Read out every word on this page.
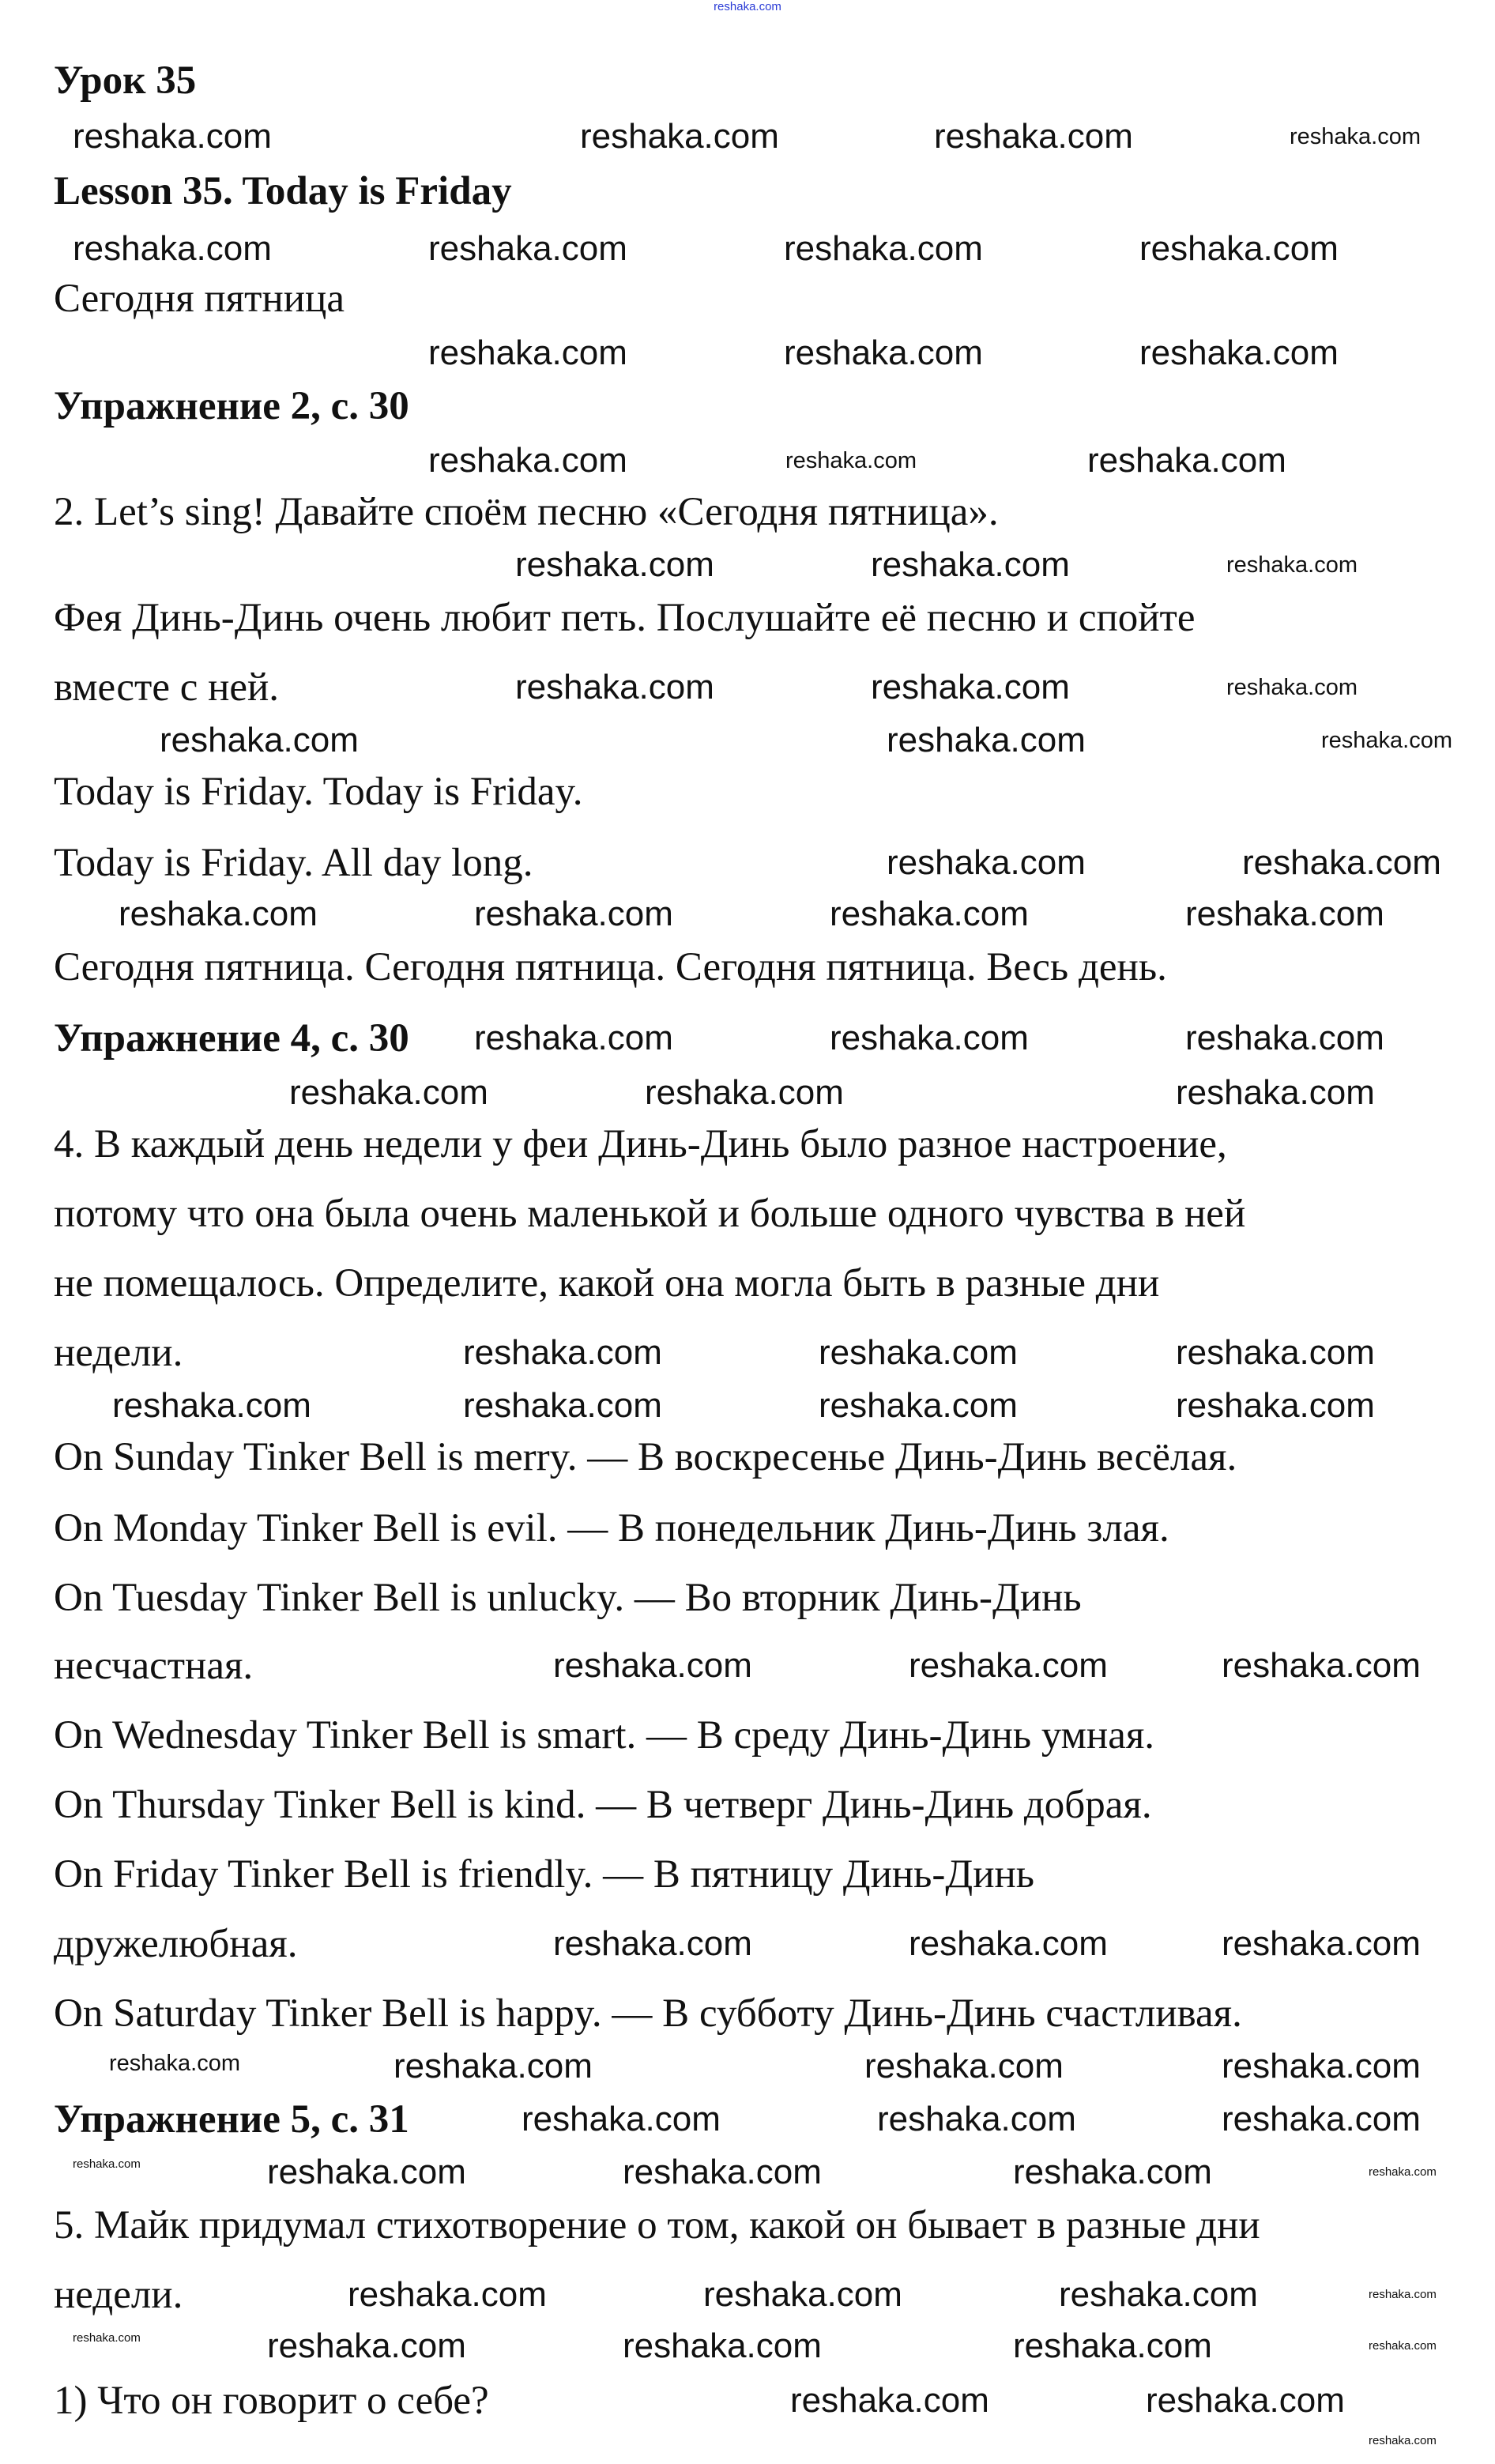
reshaka.com
Урок 35
Lesson 35. Today is Friday
Сегодня пятница
Упражнение 2, с. 30
2. Let’s sing! Давайте споём песню «Сегодня пятница».
Фея Динь-Динь очень любит петь. Послушайте её песню и спойте
вместе с ней.
Today is Friday. Today is Friday.
Today is Friday. All day long.
Сегодня пятница. Сегодня пятница. Сегодня пятница. Весь день.
Упражнение 4, с. 30
4. В каждый день недели у феи Динь-Динь было разное настроение,
потому что она была очень маленькой и больше одного чувства в ней
не помещалось. Определите, какой она могла быть в разные дни
недели.
On Sunday Tinker Bell is merry. — В воскресенье Динь-Динь весёлая.
On Monday Tinker Bell is evil. — В понедельник Динь-Динь злая.
On Tuesday Tinker Bell is unlucky. — Во вторник Динь-Динь
несчастная.
On Wednesday Tinker Bell is smart. — В среду Динь-Динь умная.
On Thursday Tinker Bell is kind. — В четверг Динь-Динь добрая.
On Friday Tinker Bell is friendly. — В пятницу Динь-Динь
дружелюбная.
On Saturday Tinker Bell is happy. — В субботу Динь-Динь счастливая.
Упражнение 5, с. 31
5. Майк придумал стихотворение о том, какой он бывает в разные дни
недели.
1) Что он говорит о себе?
reshaka.com	reshaka.com	reshaka.com	reshaka.com
reshaka.com	reshaka.com	reshaka.com	reshaka.com
reshaka.com	reshaka.com	reshaka.com
reshaka.com	reshaka.com	reshaka.com
reshaka.com	reshaka.com	reshaka.com
reshaka.com	reshaka.com	reshaka.com
reshaka.com	reshaka.com	reshaka.com
reshaka.com	reshaka.com
reshaka.com	reshaka.com	reshaka.com	reshaka.com
reshaka.com	reshaka.com	reshaka.com
reshaka.com	reshaka.com	reshaka.com
reshaka.com	reshaka.com	reshaka.com
reshaka.com	reshaka.com	reshaka.com	reshaka.com
reshaka.com	reshaka.com	reshaka.com
reshaka.com	reshaka.com	reshaka.com
reshaka.com	reshaka.com	reshaka.com	reshaka.com
reshaka.com	reshaka.com	reshaka.com
reshaka.com	reshaka.com	reshaka.com	reshaka.com	reshaka.com
reshaka.com	reshaka.com	reshaka.com	reshaka.com
reshaka.com	reshaka.com	reshaka.com	reshaka.com	reshaka.com
reshaka.com	reshaka.com
reshaka.com
